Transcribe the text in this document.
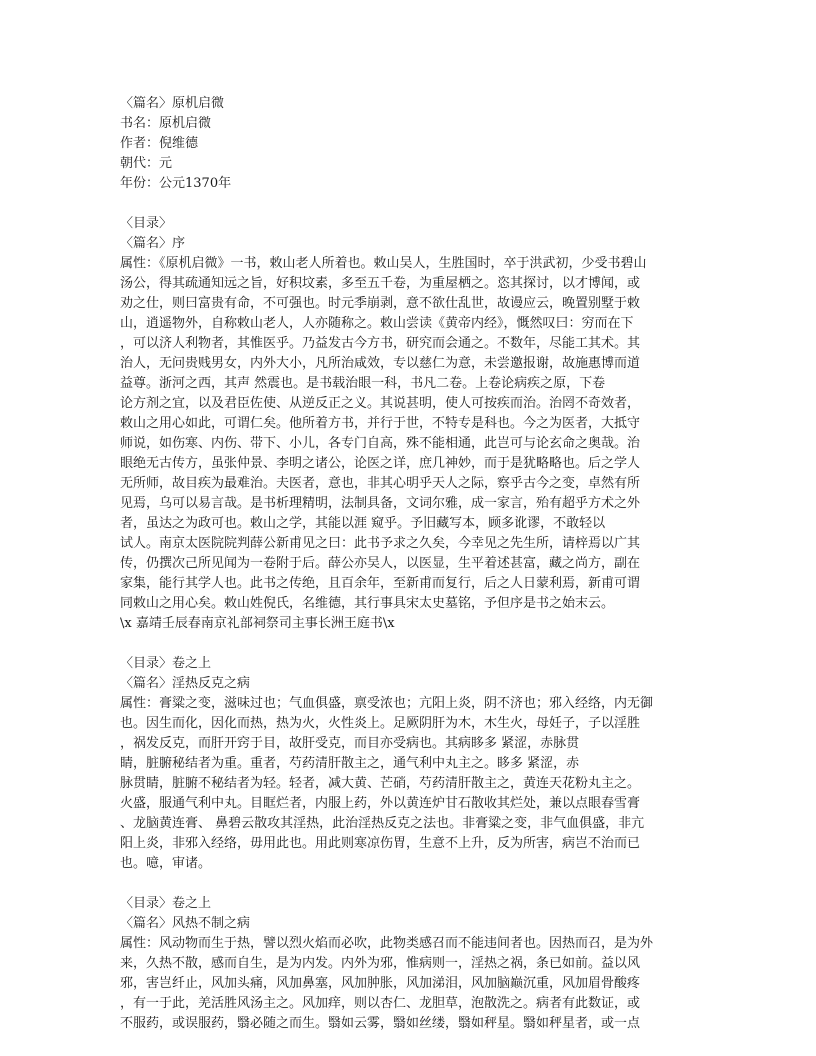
〈篇名〉原机启微
书名：原机启微
作者：倪维德
朝代：元
年份：公元1370年
〈目录〉
〈篇名〉序
属性：《原机启微》一书，敕山老人所着也。敕山吴人，生胜国时，卒于洪武初，少受书碧山
汤公，得其疏通知远之旨，好积坟素，多至五千卷，为重屋栖之。恣其探讨，以才博闻，或
劝之仕，则曰富贵有命，不可强也。时元季崩剥，意不欲仕乱世，故谩应云，晚置别墅于敕
山，逍遥物外，自称敕山老人，人亦随称之。敕山尝读《黄帝内经》，慨然叹曰：穷而在下
，可以济人利物者，其惟医乎。乃益发古今方书，研究而会通之。不数年，尽能工其术。其
治人，无问贵贱男女，内外大小，凡所治咸效，专以慈仁为意，未尝邀报谢，故施惠博而道
益尊。浙河之西，其声 然震也。是书载治眼一科，书凡二卷。上卷论病疾之原，下卷
论方剂之宜，以及君臣佐使、从逆反正之义。其说甚明，使人可按疾而治。治罔不奇效者，
敕山之用心如此，可谓仁矣。他所着方书，并行于世，不特专是科也。今之为医者，大抵守
师说，如伤寒、内伤、带下、小儿，各专门自高，殊不能相通，此岂可与论玄命之奥哉。治
眼绝无古传方，虽张仲景、李明之诸公，论医之详，庶几神妙，而于是犹略略也。后之学人
无所师，故目疾为最难治。夫医者，意也，非其心明乎天人之际，察乎古今之变，卓然有所
见焉，乌可以易言哉。是书析理精明，法制具备，文词尔雅，成一家言，殆有超乎方术之外
者，虽达之为政可也。敕山之学，其能以涯 窥乎。予旧藏写本，顾多讹谬，不敢轻以
试人。南京太医院院判薛公新甫见之曰：此书予求之久矣，今幸见之先生所，请梓焉以广其
传，仍撰次己所见闻为一卷附于后。薛公亦吴人，以医显，生平着述甚富，藏之尚方，副在
家集，能行其学人也。此书之传绝，且百余年，至新甫而复行，后之人日蒙利焉，新甫可谓
同敕山之用心矣。敕山姓倪氏，名维德，其行事具宋太史墓铭，予但序是书之始末云。
\x 嘉靖壬辰春南京礼部祠祭司主事长洲王庭书\x
〈目录〉卷之上
〈篇名〉淫热反克之病
属性：膏粱之变，滋味过也；气血俱盛，禀受浓也；亢阳上炎，阴不济也；邪入经络，内无御
也。因生而化，因化而热，热为火，火性炎上。足厥阴肝为木，木生火，母妊子，子以淫胜
，祸发反克，而肝开窍于目，故肝受克，而目亦受病也。其病眵多 紧涩，赤脉贯
睛，脏腑秘结者为重。重者，芍药清肝散主之，通气利中丸主之。眵多 紧涩，赤
脉贯睛，脏腑不秘结者为轻。轻者，减大黄、芒硝，芍药清肝散主之，黄连天花粉丸主之。
火盛，服通气利中丸。目眶烂者，内服上药，外以黄连炉甘石散收其烂处，兼以点眼春雪膏
、龙脑黄连膏、 鼻碧云散攻其淫热，此治淫热反克之法也。非膏粱之变，非气血俱盛，非亢
阳上炎，非邪入经络，毋用此也。用此则寒凉伤胃，生意不上升，反为所害，病岂不治而已
也。噫，审诸。
〈目录〉卷之上
〈篇名〉风热不制之病
属性：风动物而生于热，譬以烈火焰而必吹，此物类感召而不能违间者也。因热而召，是为外
来，久热不散，感而自生，是为内发。内外为邪，惟病则一，淫热之祸，条已如前。益以风
邪，害岂纤止，风加头痛，风加鼻塞，风加肿胀，风加涕泪，风加脑巅沉重，风加眉骨酸疼
，有一于此，羌活胜风汤主之。风加痒，则以杏仁、龙胆草，泡散洗之。病者有此数证，或
不服药，或误服药，翳必随之而生。翳如云雾，翳如丝缕，翳如秤星。翳如秤星者，或一点
